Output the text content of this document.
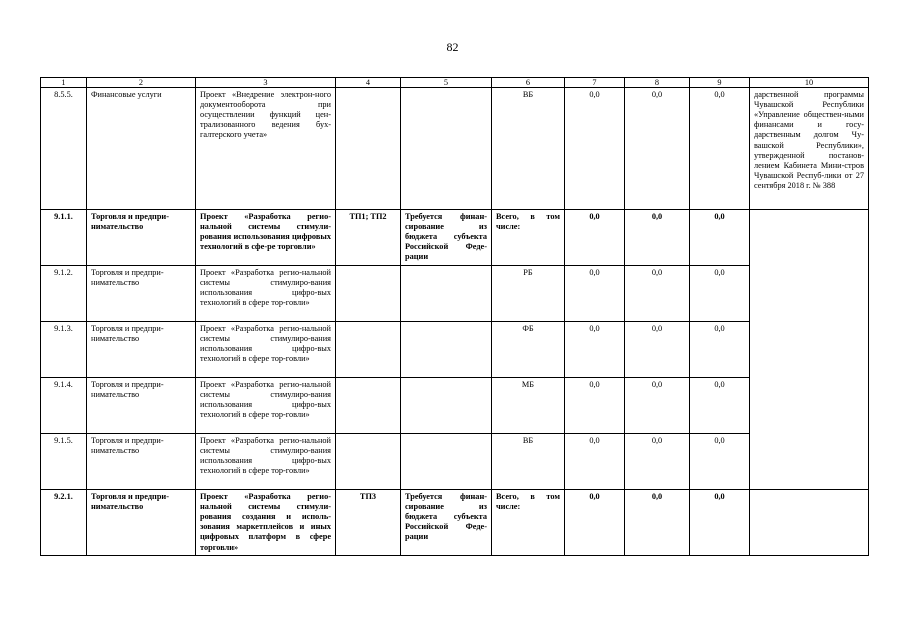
82
1	2	3	4	5	6	7	8	9	10
8.5.5.	Финансовые услуги	Проект «Внедрение электрон-ного документооборота при осуществлении функций цен-трализованного ведения бух-галтерского учета»			ВБ	0,0	0,0	0,0	дарственной программы Чувашской Республики «Управление обществен-ными финансами и госу-дарственным долгом Чу-вашской Республики», утвержденной постанов-лением Кабинета Мини-стров Чувашской Респуб-лики от 27 сентября 2018 г. № 388
9.1.1.	Торговля и предпри-нимательство	Проект «Разработка регио-нальной системы стимули-рования использования цифровых технологий в сфе-ре торговли»	ТП1; ТП2	Требуется финан-сирование из бюджета субъекта Российской Феде-рации	Всего, в том числе:	0,0	0,0	0,0	
9.1.2.	Торговля и предпри-нимательство	Проект «Разработка регио-нальной системы стимулиро-вания использования цифро-вых технологий в сфере тор-говли»			РБ	0,0	0,0	0,0	
9.1.3.	Торговля и предпри-нимательство	Проект «Разработка регио-нальной системы стимулиро-вания использования цифро-вых технологий в сфере тор-говли»			ФБ	0,0	0,0	0,0	
9.1.4.	Торговля и предпри-нимательство	Проект «Разработка регио-нальной системы стимулиро-вания использования цифро-вых технологий в сфере тор-говли»			МБ	0,0	0,0	0,0	
9.1.5.	Торговля и предпри-нимательство	Проект «Разработка регио-нальной системы стимулиро-вания использования цифро-вых технологий в сфере тор-говли»			ВБ	0,0	0,0	0,0	
9.2.1.	Торговля и предпри-нимательство	Проект «Разработка регио-нальной системы стимули-рования создания и исполь-зования маркетплейсов и иных цифровых платформ в сфере торговли»	ТП3	Требуется финан-сирование из бюджета субъекта Российской Феде-рации	Всего, в том числе:	0,0	0,0	0,0	
